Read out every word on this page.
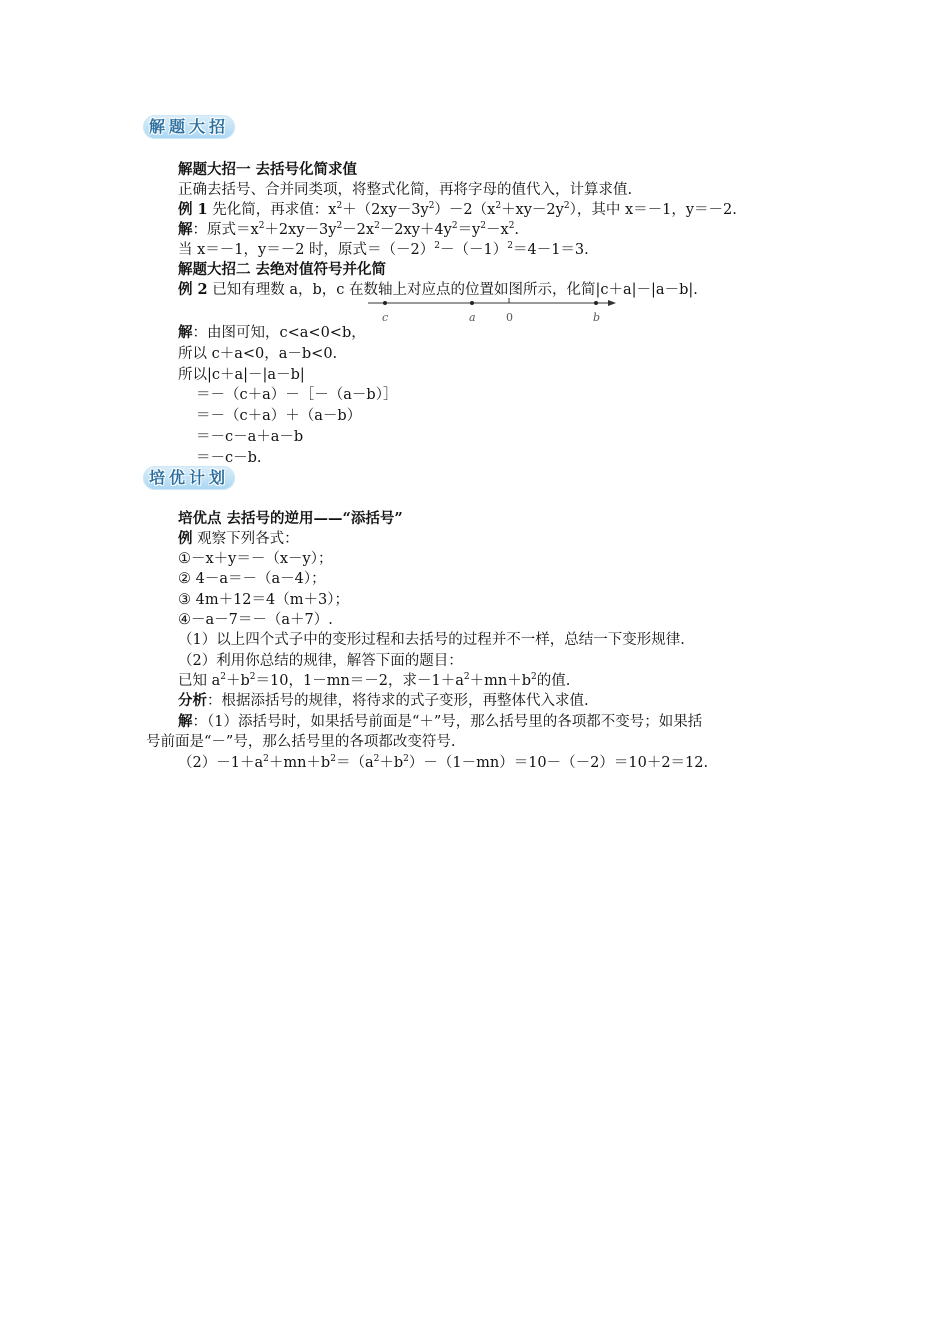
解题大招
解题大招一 去括号化简求值
正确去括号、合并同类项，将整式化简，再将字母的值代入，计算求值.
例 1 先化简，再求值：$x^2+(2xy-3y^2)-2(x^2+xy-2y^2)$，其中 x＝－1，y＝－2.
解：原式$=x^2+2xy-3y^2-2x^2-2xy+4y^2=y^2-x^2$.
当 x＝－1，y＝－2 时，原式$=(-2)^2-(-1)^2=4-1=3$.
解题大招二 去绝对值符号并化简
例 2 已知有理数 a，b，c 在数轴上对应点的位置如图所示，化简|c＋a|－|a－b|.
c	a	0	b
解：由图可知，c<a<0<b，
所以 c＋a<0，a－b<0.
所以|c＋a|－|a－b|
＝－（c＋a）－［－（a－b）］
＝－（c＋a）＋（a－b）
＝－c－a＋a－b
＝－c－b.
培优计划
培优点 去括号的逆用——“添括号”
例 观察下列各式：
①－x＋y＝－（x－y）；
② 4－a＝－（a－4）；
③ 4m＋12＝4（m＋3）；
④－a－7＝－（a＋7）.
（1）以上四个式子中的变形过程和去括号的过程并不一样，总结一下变形规律.
（2）利用你总结的规律，解答下面的题目：
已知 $a^2+b^2=10$，1－mn＝－2，求$-1+a^2+mn+b^2$的值.
分析：根据添括号的规律，将待求的式子变形，再整体代入求值.
解：（1）添括号时，如果括号前面是“＋”号，那么括号里的各项都不变号；如果括
号前面是“－”号，那么括号里的各项都改变符号.
$(2)-1+a^2+mn+b^2=(a^2+b^2)-(1-mn)=10-(-2)=10+2=12$.
